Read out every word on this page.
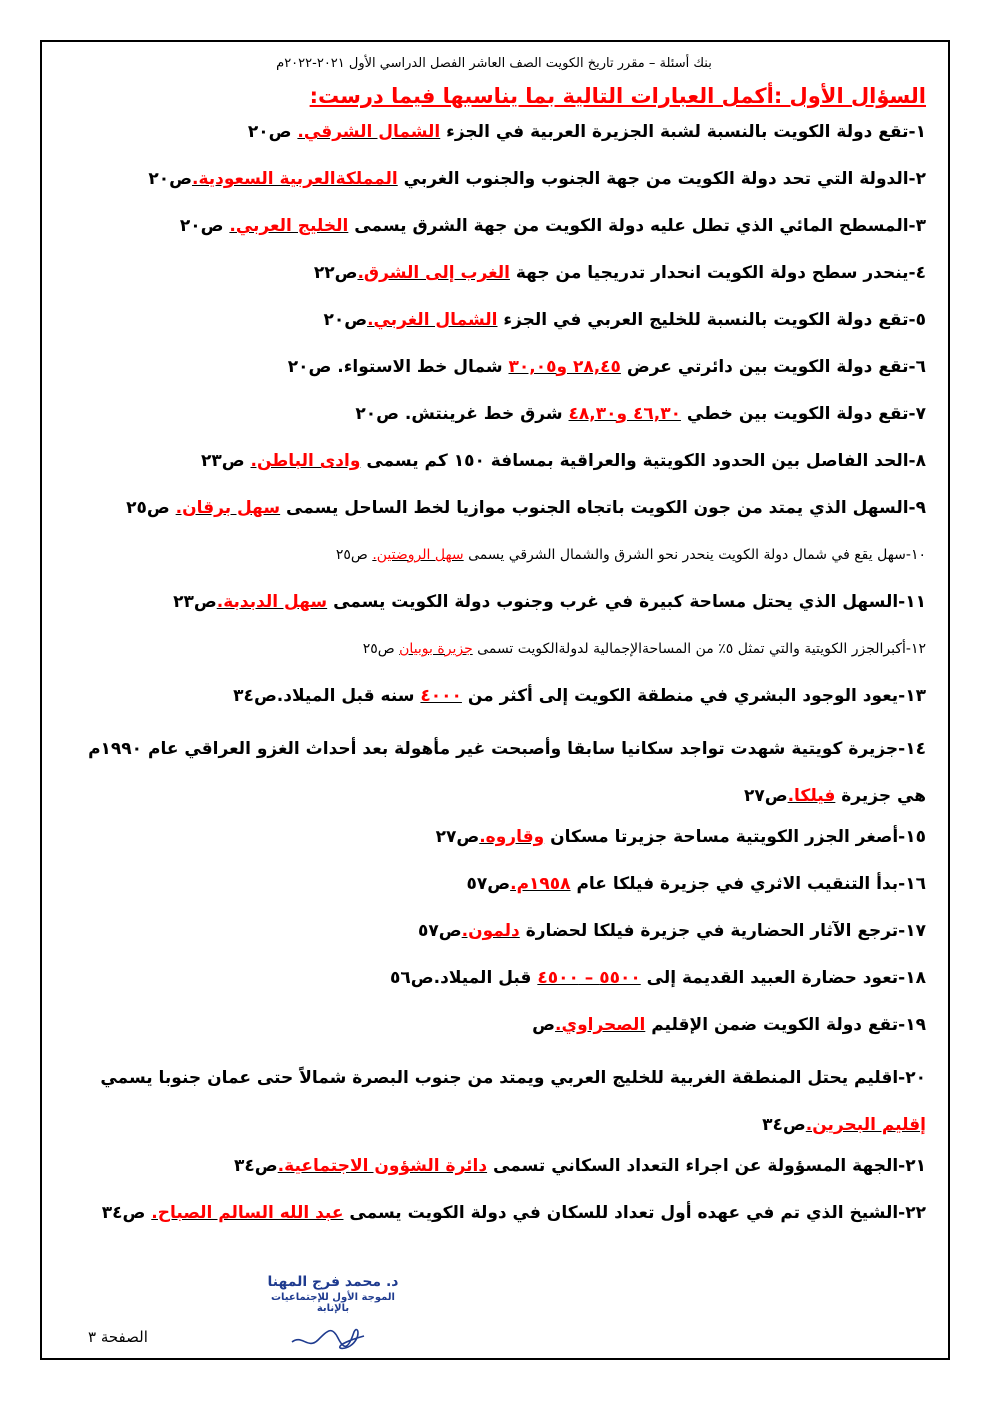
بنك أسئلة – مقرر تاريخ الكويت الصف العاشر الفصل الدراسي الأول ٢٠٢١-٢٠٢٢م
السؤال الأول :أكمل العبارات التالية بما يناسبها فيما درست:
١-تقع دولة الكويت بالنسبة لشبة الجزيرة العربية في الجزء الشمال الشرقي. ص٢٠
٢-الدولة التي تحد دولة الكويت من جهة الجنوب والجنوب الغربي المملكةالعربية السعودية.ص٢٠
٣-المسطح المائي الذي تطل عليه دولة الكويت من جهة الشرق يسمى الخليج العربي. ص٢٠
٤-ينحدر سطح دولة الكويت انحدار تدريجيا من جهة الغرب إلى الشرق.ص٢٢
٥-تقع دولة الكويت بالنسبة للخليج العربي في الجزء الشمال الغربي.ص٢٠
٦-تقع دولة الكويت بين دائرتي عرض ٢٨,٤٥ و٣٠,٠٥ شمال خط الاستواء. ص٢٠
٧-تقع دولة الكويت بين خطي ٤٦,٣٠ و٤٨,٣٠ شرق خط غرينتش. ص٢٠
٨-الحد الفاصل بين الحدود الكويتية والعراقية بمسافة ١٥٠ كم يسمى وادى الباطن. ص٢٣
٩-السهل الذي يمتد من جون الكويت باتجاه الجنوب موازيا لخط الساحل يسمى سهل برقان. ص٢٥
١٠-سهل يقع في شمال دولة الكويت ينحدر نحو الشرق والشمال الشرقي يسمى سهل الروضتين. ص٢٥
١١-السهل الذي يحتل مساحة كبيرة في غرب وجنوب دولة الكويت يسمى سهل الدبدبة.ص٢٣
١٢-أكبرالجزر الكويتية والتي تمثل ٥٪ من المساحةالإجمالية لدولةالكويت تسمى جزيرة بوبيان ص٢٥
١٣-يعود الوجود البشري في منطقة الكويت إلى أكثر من ٤٠٠٠ سنه قبل الميلاد.ص٣٤
١٤-جزيرة كويتية شهدت تواجد سكانيا سابقا وأصبحت غير مأهولة بعد أحداث الغزو العراقي عام ١٩٩٠م هي جزيرة فيلكا.ص٢٧
١٥-أصغر الجزر الكويتية مساحة جزيرتا مسكان وقاروه.ص٢٧
١٦-بدأ التنقيب الاثري في جزيرة فيلكا عام ١٩٥٨م.ص٥٧
١٧-ترجع الآثار الحضارية في جزيرة فيلكا لحضارة دلمون.ص٥٧
١٨-تعود حضارة العبيد القديمة إلى ٥٥٠٠ – ٤٥٠٠ قبل الميلاد.ص٥٦
١٩-تقع دولة الكويت ضمن الإقليم الصحراوي.ص
٢٠-اقليم يحتل المنطقة الغربية للخليج العربي ويمتد من جنوب البصرة شمالاً حتى عمان جنوبا يسمي إقليم البحرين.ص٣٤
٢١-الجهة المسؤولة عن اجراء التعداد السكاني تسمى دائرة الشؤون الاجتماعية.ص٣٤
٢٢-الشيخ الذي تم في عهده أول تعداد للسكان في دولة الكويت يسمى عبد الله السالم الصباح. ص٣٤
د. محمد فرج المهنا
الموجة الأول للإجتماعيات بالإنابة
الصفحة ٣
